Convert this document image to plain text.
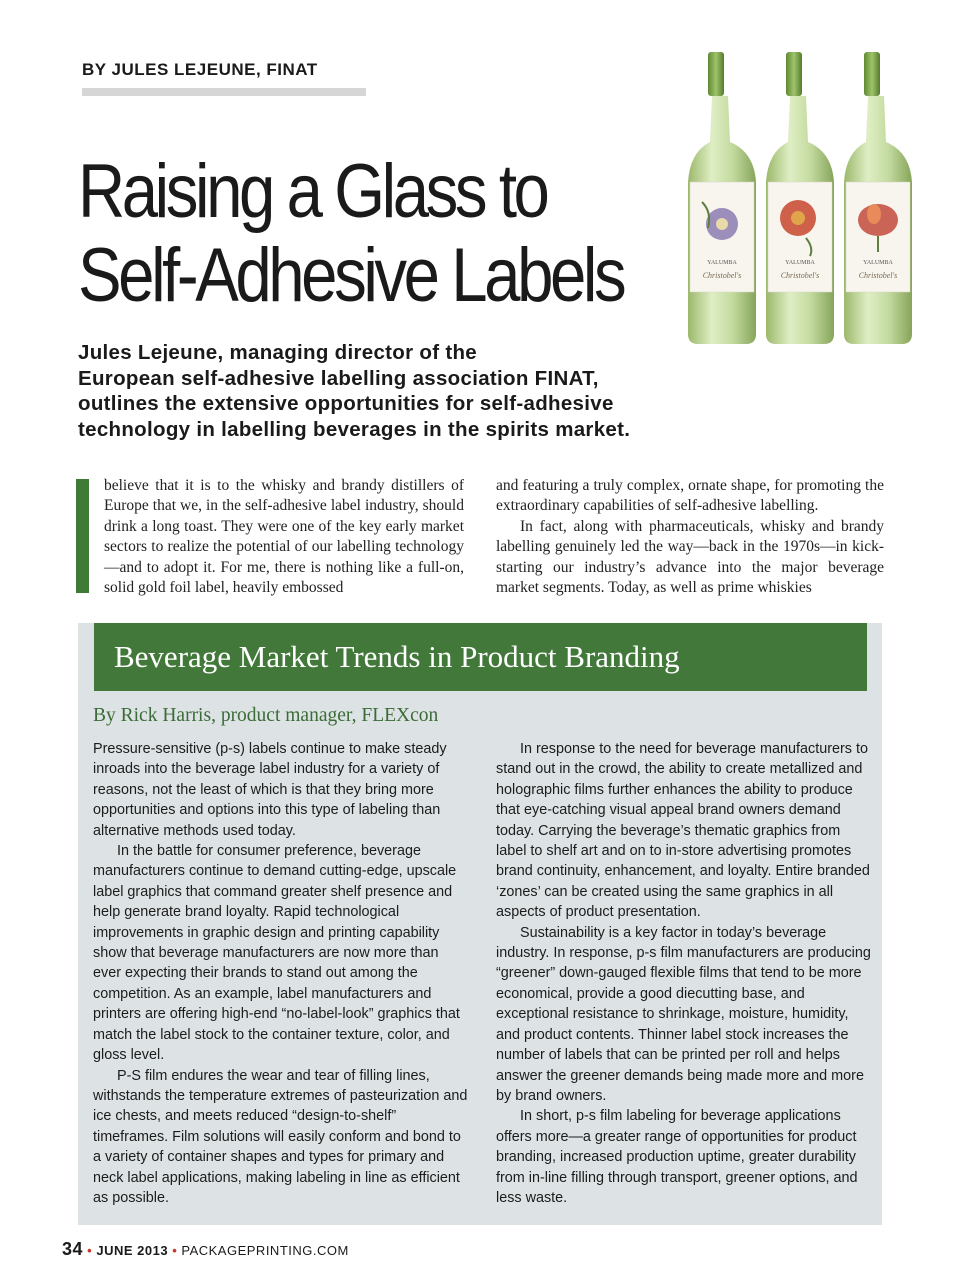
BY JULES LEJEUNE, FINAT
Raising a Glass to
Self-Adhesive Labels	YALUMBA
Christobel's
YALUMBA
Christobel's
YALUMBA
Christobel's
Jules Lejeune, managing director of the
European self-adhesive labelling association FINAT,
outlines the extensive opportunities for self-adhesive
technology in labelling beverages in the spirits market.

believe that it is to the whisky and brandy distillers of Europe that we, in the self-adhesive label industry, should drink a long toast. They were one of the key early market sectors to realize the potential of our labelling technology—and to adopt it. For me, there is nothing like a full-on, solid gold foil label, heavily embossed

and featuring a truly complex, ornate shape, for promoting the extraordinary capabilities of self-adhesive labelling.

In fact, along with pharmaceuticals, whisky and brandy labelling genuinely led the way—back in the 1970s—in kick-starting our industry’s advance into the major beverage market segments. Today, as well as prime whiskies

Beverage Market Trends in Product Branding
By Rick Harris, product manager, FLEXcon

Pressure-sensitive (p-s) labels continue to make steady inroads into the beverage label industry for a variety of reasons, not the least of which is that they bring more opportunities and options into this type of labeling than alternative methods used today.

In the battle for consumer preference, beverage manufacturers continue to demand cutting-edge, upscale label graphics that command greater shelf presence and help generate brand loyalty. Rapid technological improvements in graphic design and printing capability show that beverage manufacturers are now more than ever expecting their brands to stand out among the competition. As an example, label manufacturers and printers are offering high-end “no-label-look” graphics that match the label stock to the container texture, color, and gloss level.

P-S film endures the wear and tear of filling lines, withstands the temperature extremes of pasteurization and ice chests, and meets reduced “design-to-shelf” timeframes. Film solutions will easily conform and bond to a variety of container shapes and types for primary and neck label applications, making labeling in line as efficient as possible.

In response to the need for beverage manufacturers to stand out in the crowd, the ability to create metallized and holographic films further enhances the ability to produce that eye-catching visual appeal brand owners demand today. Carrying the beverage’s thematic graphics from label to shelf art and on to in-store advertising promotes brand continuity, enhancement, and loyalty. Entire branded ‘zones’ can be created using the same graphics in all aspects of product presentation.

Sustainability is a key factor in today’s beverage industry. In response, p-s film manufacturers are producing “greener” down-gauged flexible films that tend to be more economical, provide a good diecutting base, and exceptional resistance to shrinkage, moisture, humidity, and product contents. Thinner label stock increases the number of labels that can be printed per roll and helps answer the greener demands being made more and more by brand owners.

In short, p-s film labeling for beverage applications offers more—a greater range of opportunities for product branding, increased production uptime, greater durability from in-line filling through transport, greener options, and less waste.

34 • JUNE 2013 • PACKAGEPRINTING.COM
